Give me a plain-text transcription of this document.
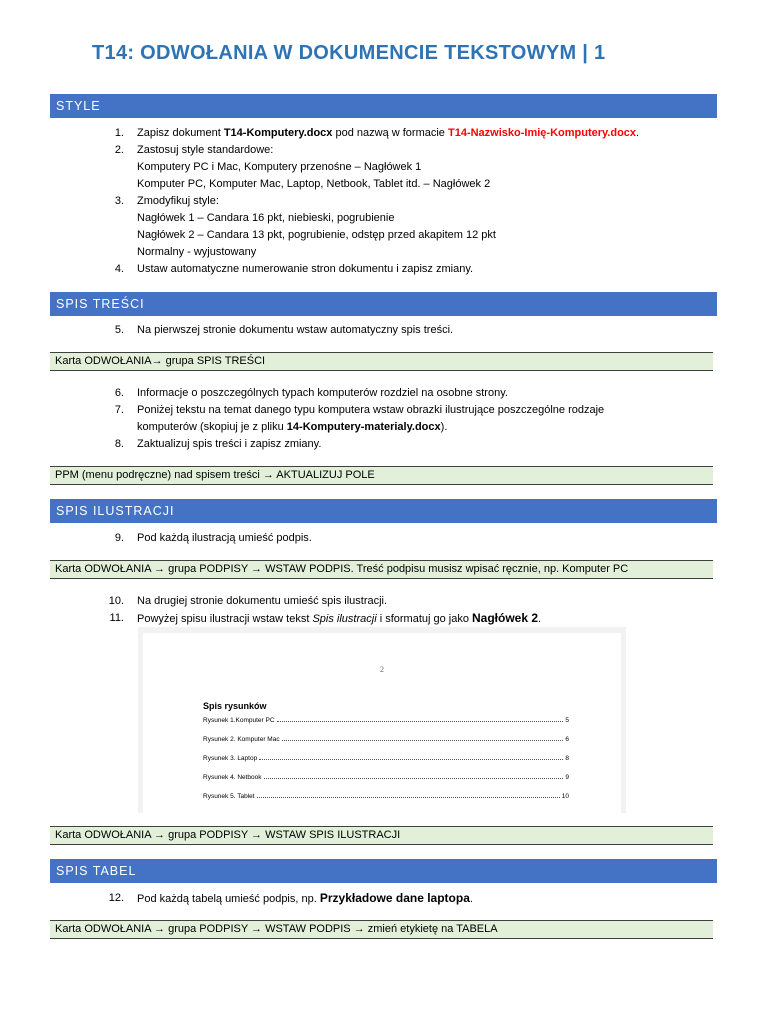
T14: ODWOŁANIA W DOKUMENCIE TEKSTOWYM | 1
STYLE
1. Zapisz dokument T14-Komputery.docx pod nazwą w formacie T14-Nazwisko-Imię-Komputery.docx.
2. Zastosuj style standardowe:
Komputery PC i Mac, Komputery przenośne – Nagłówek 1
Komputer PC, Komputer Mac, Laptop, Netbook, Tablet itd. – Nagłówek 2
3. Zmodyfikuj style:
Nagłówek 1 – Candara 16 pkt, niebieski, pogrubienie
Nagłówek 2 – Candara 13 pkt, pogrubienie, odstęp przed akapitem 12 pkt
Normalny - wyjustowany
4. Ustaw automatyczne numerowanie stron dokumentu i zapisz zmiany.
SPIS TREŚCI
5. Na pierwszej stronie dokumentu wstaw automatyczny spis treści.
Karta ODWOŁANIA→ grupa SPIS TREŚCI
6. Informacje o poszczególnych typach komputerów rozdziel na osobne strony.
7. Poniżej tekstu na temat danego typu komputera wstaw obrazki ilustrujące poszczególne rodzaje
komputerów (skopiuj je z pliku 14-Komputery-materialy.docx).
8. Zaktualizuj spis treści i zapisz zmiany.
PPM (menu podręczne) nad spisem treści → AKTUALIZUJ POLE
SPIS ILUSTRACJI
9. Pod każdą ilustracją umieść podpis.
Karta ODWOŁANIA → grupa PODPISY → WSTAW PODPIS. Treść podpisu musisz wpisać ręcznie, np. Komputer PC
10. Na drugiej stronie dokumentu umieść spis ilustracji.
11. Powyżej spisu ilustracji wstaw tekst Spis ilustracji i sformatuj go jako Nagłówek 2.
2
Spis rysunków
Rysunek 1.Komputer PC	5
Rysunek 2. Komputer Mac	6
Rysunek 3. Laptop	8
Rysunek 4. Netbook	9
Rysunek 5. Tablet	10
Karta ODWOŁANIA → grupa PODPISY → WSTAW SPIS ILUSTRACJI
SPIS TABEL
12. Pod każdą tabelą umieść podpis, np. Przykładowe dane laptopa.
Karta ODWOŁANIA → grupa PODPISY → WSTAW PODPIS → zmień etykietę na TABELA
